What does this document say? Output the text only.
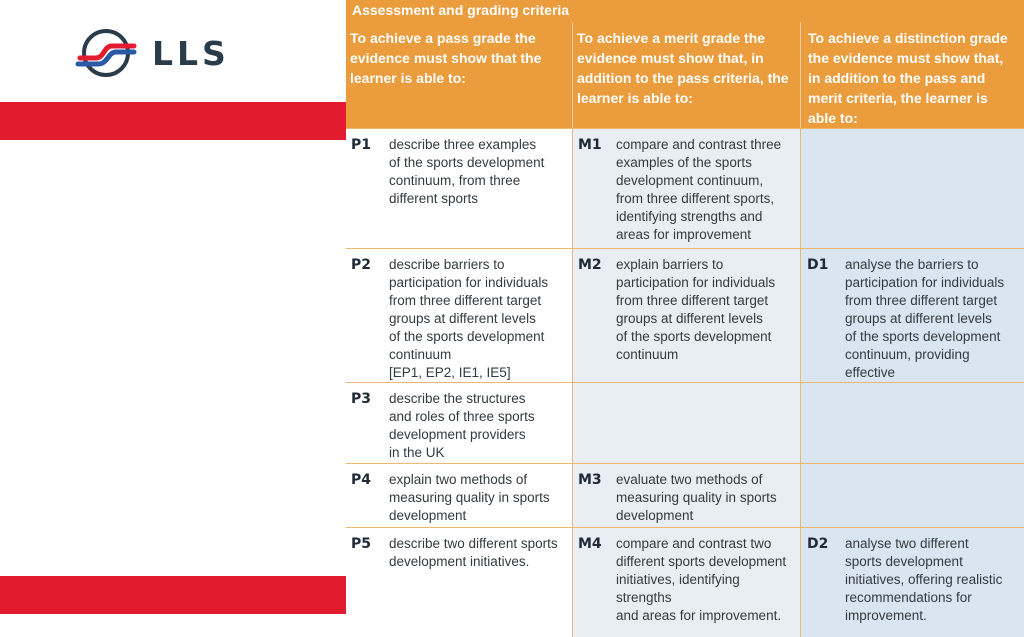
LLS
Assessment and grading criteria
To achieve a pass grade the evidence must show that the learner is able to:
To achieve a merit grade the evidence must show that, in addition to the pass criteria, the learner is able to:
To achieve a distinction grade the evidence must show that, in addition to the pass and merit criteria, the learner is able to:
P1 describe three examples
of the sports development
continuum, from three
different sports
M1 compare and contrast three
examples of the sports
development continuum,
from three different sports,
identifying strengths and
areas for improvement
P2 describe barriers to
participation for individuals
from three different target
groups at different levels
of the sports development
continuum
[EP1, EP2, IE1, IE5]
M2 explain barriers to
participation for individuals
from three different target
groups at different levels
of the sports development
continuum
D1 analyse the barriers to
participation for individuals
from three different target
groups at different levels
of the sports development
continuum, providing effective

P3 describe the structures
and roles of three sports
development providers
in the UK
P4 explain two methods of
measuring quality in sports
development
M3 evaluate two methods of
measuring quality in sports
development
P5 describe two different sports
development initiatives.
M4 compare and contrast two
different sports development
initiatives, identifying strengths
and areas for improvement.
D2 analyse two different
sports development
initiatives, offering realistic
recommendations for
improvement.
